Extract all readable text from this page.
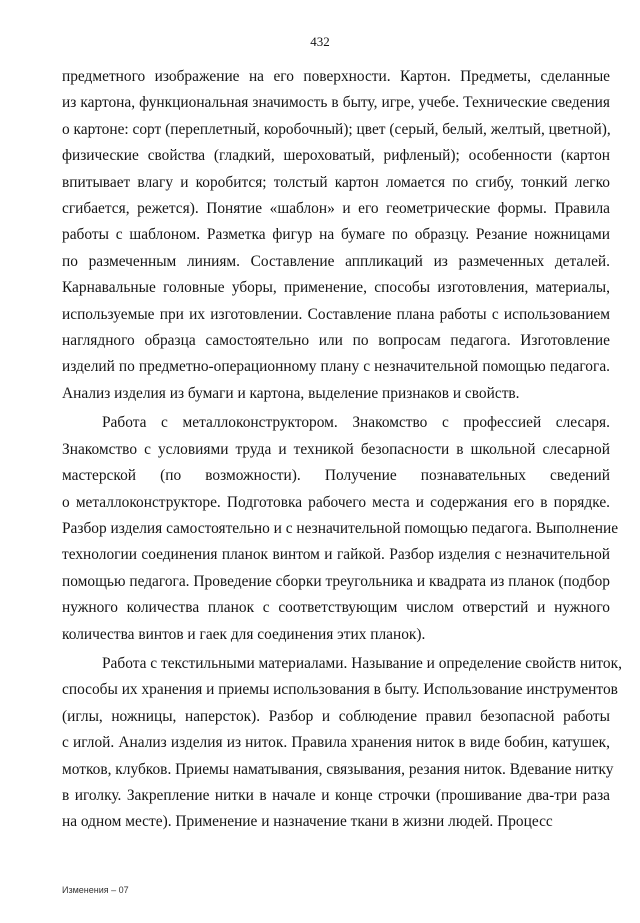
432
предметного изображение на его поверхности. Картон. Предметы, сделанные
из картона, функциональная значимость в быту, игре, учебе. Технические сведения
о картоне: сорт (переплетный, коробочный); цвет (серый, белый, желтый, цветной),
физические свойства (гладкий, шероховатый, рифленый); особенности (картон
впитывает влагу и коробится; толстый картон ломается по сгибу, тонкий легко
сгибается, режется). Понятие «шаблон» и его геометрические формы. Правила
работы с шаблоном. Разметка фигур на бумаге по образцу. Резание ножницами
по размеченным линиям. Составление аппликаций из размеченных деталей.
Карнавальные головные уборы, применение, способы изготовления, материалы,
используемые при их изготовлении. Составление плана работы с использованием
наглядного образца самостоятельно или по вопросам педагога. Изготовление
изделий по предметно-операционному плану с незначительной помощью педагога.
Анализ изделия из бумаги и картона, выделение признаков и свойств.
Работа с металлоконструктором. Знакомство с профессией слесаря.
Знакомство с условиями труда и техникой безопасности в школьной слесарной
мастерской (по возможности). Получение познавательных сведений
о металлоконструкторе. Подготовка рабочего места и содержания его в порядке.
Разбор изделия самостоятельно и с незначительной помощью педагога. Выполнение
технологии соединения планок винтом и гайкой. Разбор изделия с незначительной
помощью педагога. Проведение сборки треугольника и квадрата из планок (подбор
нужного количества планок с соответствующим числом отверстий и нужного
количества винтов и гаек для соединения этих планок).
Работа с текстильными материалами. Называние и определение свойств ниток,
способы их хранения и приемы использования в быту. Использование инструментов
(иглы, ножницы, наперсток). Разбор и соблюдение правил безопасной работы
с иглой. Анализ изделия из ниток. Правила хранения ниток в виде бобин, катушек,
мотков, клубков. Приемы наматывания, связывания, резания ниток. Вдевание нитку
в иголку. Закрепление нитки в начале и конце строчки (прошивание два-три раза
на одном месте). Применение и назначение ткани в жизни людей. Процесс
Изменения – 07
